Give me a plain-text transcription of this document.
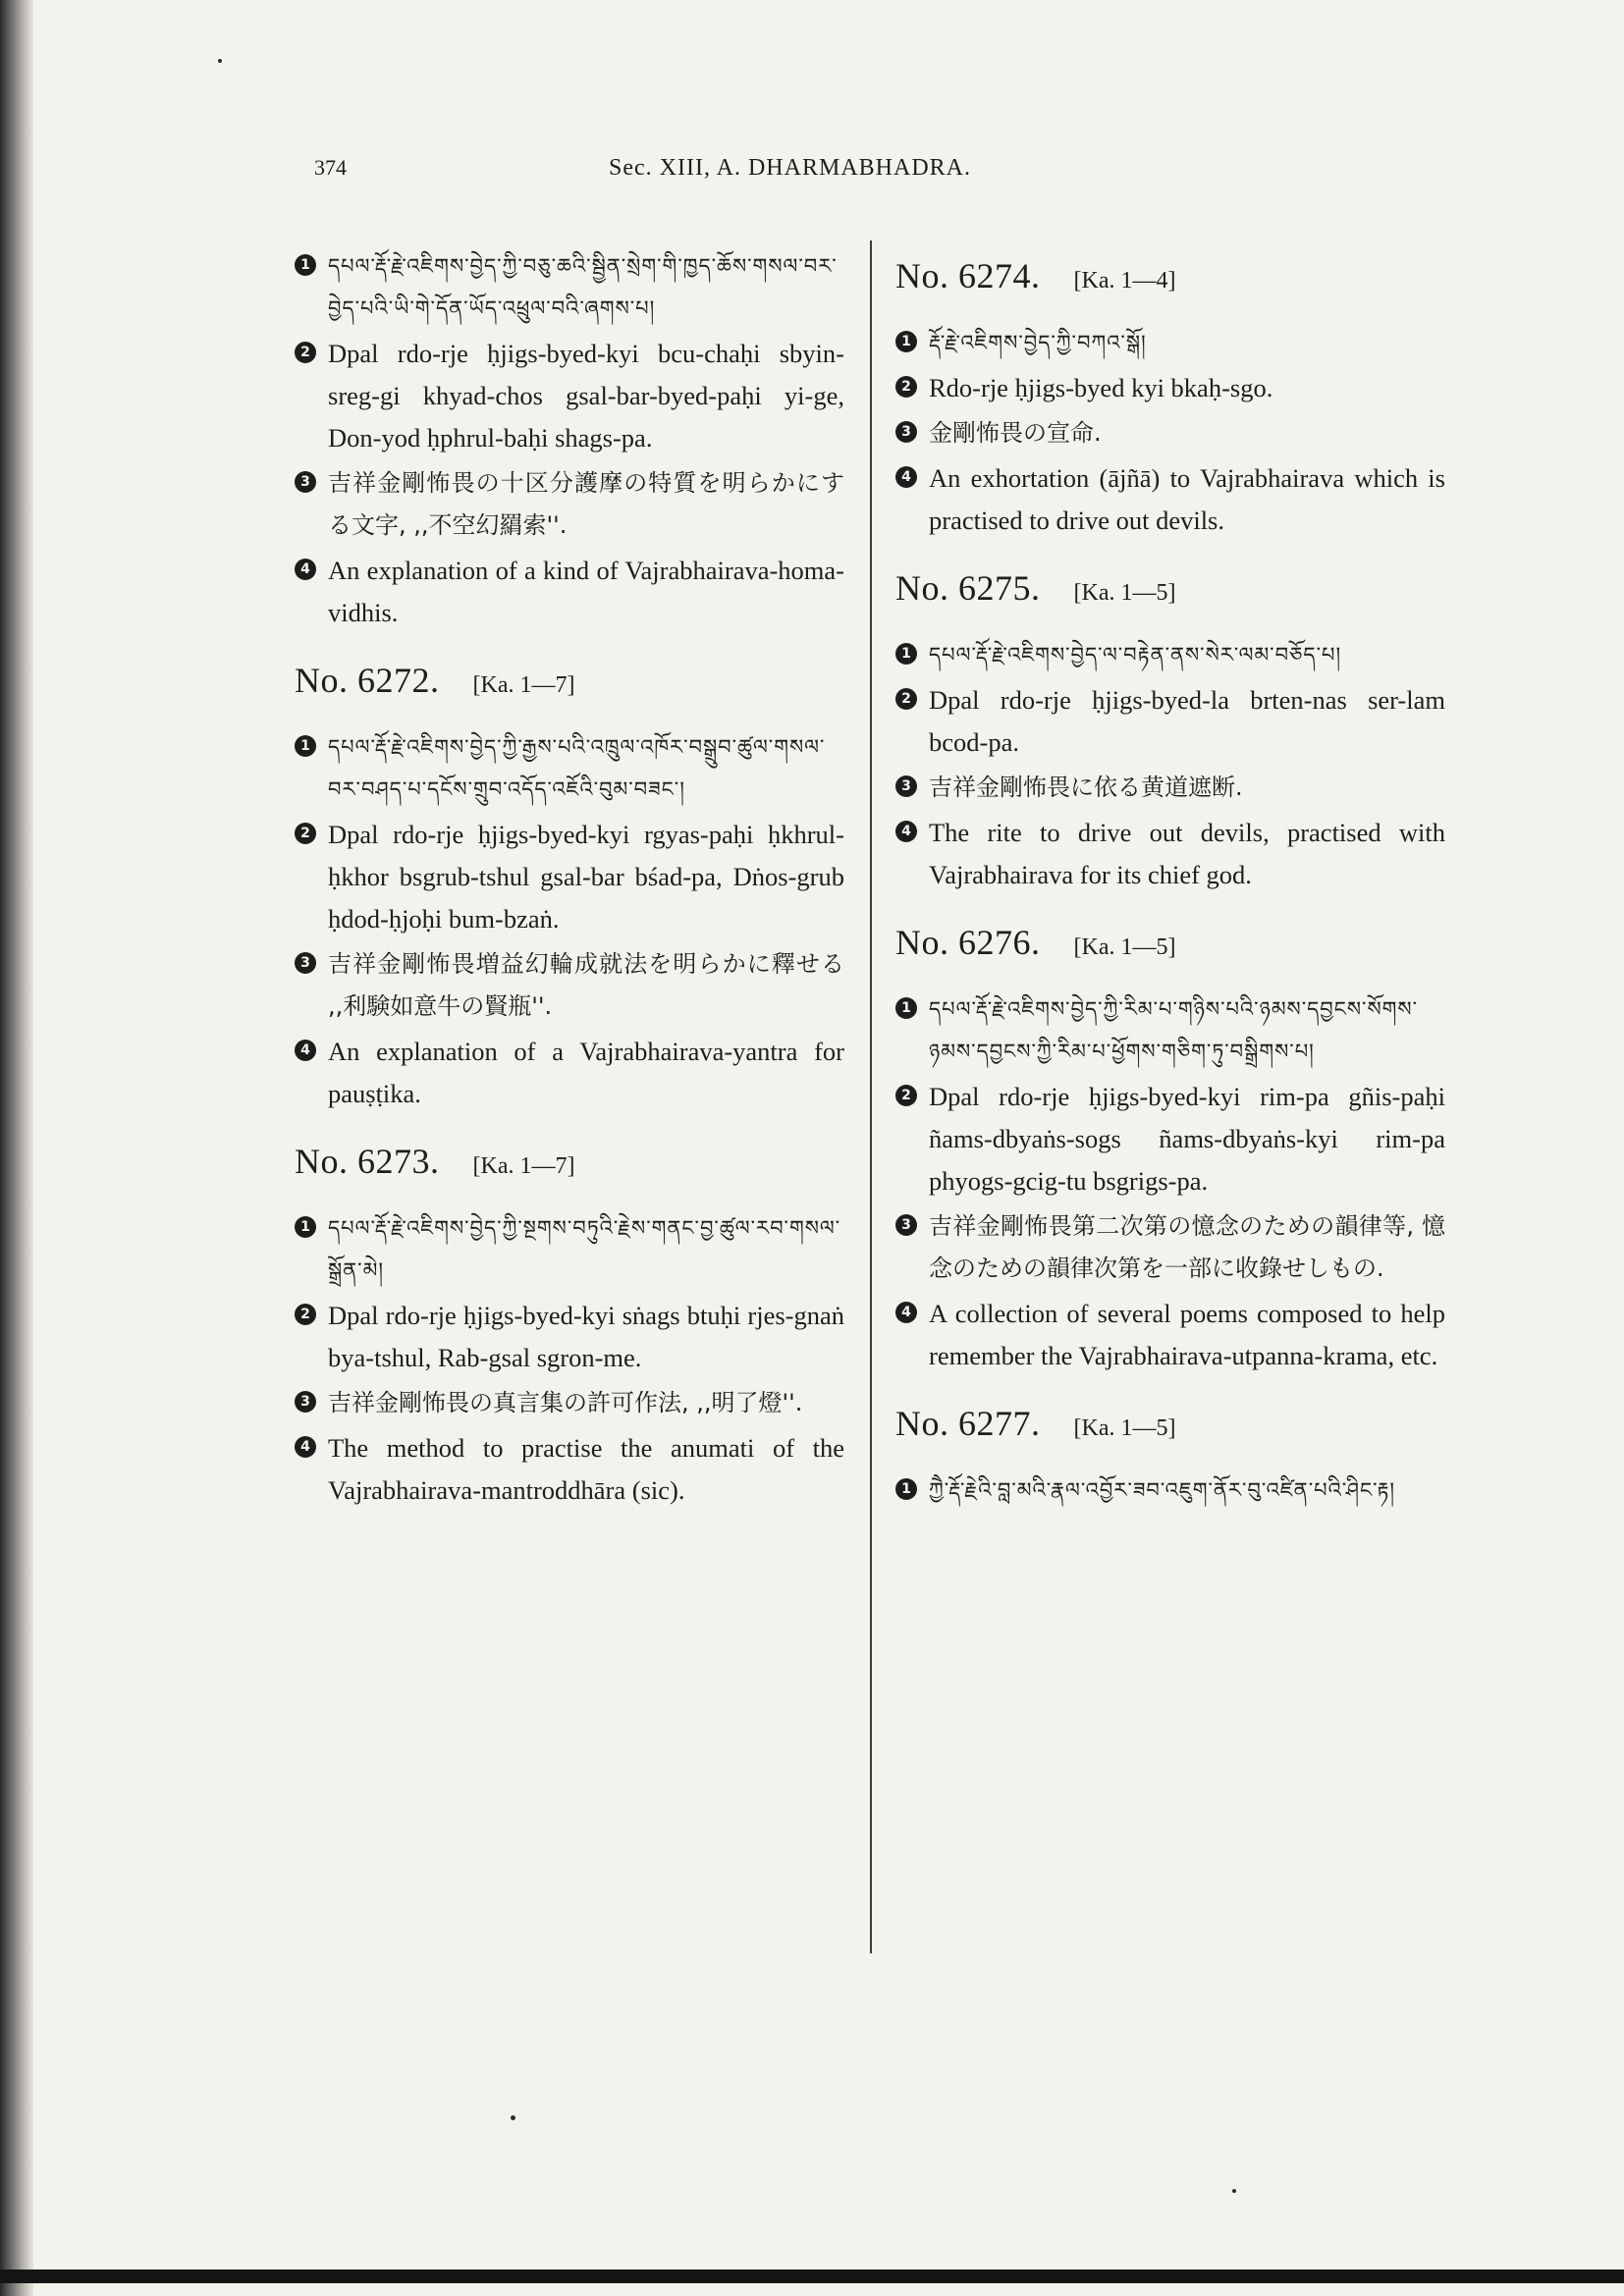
374	Sec. XIII, A. DHARMABHADRA.
1 དཔལ་རྡོ་རྗེ་འཇིགས་བྱེད་ཀྱི་བཅུ་ཆའི་སྦྱིན་སྲེག་གི་ཁྱད་ཆོས་གསལ་བར་བྱེད་པའི་ཡི་གེ་དོན་ཡོད་འཕྲུལ་བའི་ཞགས་པ།
2 Dpal rdo-rje ḥjigs-byed-kyi bcu-chaḥi sbyin-sreg-gi khyad-chos gsal-bar-byed-paḥi yi-ge, Don-yod ḥphrul-baḥi shags-pa.
3 吉祥金剛怖畏の十区分護摩の特質を明らかにする文字, ,,不空幻羂索''.
4 An explanation of a kind of Vajrabhairava-homa-vidhis.
No. 6272. [Ka. 1—7]
1 དཔལ་རྡོ་རྗེ་འཇིགས་བྱེད་ཀྱི་རྒྱས་པའི་འཁྲུལ་འཁོར་བསྒྲུབ་ཚུལ་གསལ་བར་བཤད་པ་དངོས་གྲུབ་འདོད་འཇོའི་བུམ་བཟང་།
2 Dpal rdo-rje ḥjigs-byed-kyi rgyas-paḥi ḥkhrul-ḥkhor bsgrub-tshul gsal-bar bśad-pa, Dṅos-grub ḥdod-ḥjoḥi bum-bzaṅ.
3 吉祥金剛怖畏増益幻輪成就法を明らかに釋せる ,,利験如意牛の賢瓶''.
4 An explanation of a Vajrabhairava-yantra for pauṣṭika.
No. 6273. [Ka. 1—7]
1 དཔལ་རྡོ་རྗེ་འཇིགས་བྱེད་ཀྱི་སྔགས་བཏུའི་རྗེས་གནང་བྱ་ཚུལ་རབ་གསལ་སྒྲོན་མེ།
2 Dpal rdo-rje ḥjigs-byed-kyi sṅags btuḥi rjes-gnaṅ bya-tshul, Rab-gsal sgron-me.
3 吉祥金剛怖畏の真言集の許可作法, ,,明了燈''.
4 The method to practise the anumati of the Vajrabhairava-mantroddhāra (sic).
No. 6274. [Ka. 1—4]
1 རྡོ་རྗེ་འཇིགས་བྱེད་ཀྱི་བཀའ་སྒོ།
2 Rdo-rje ḥjigs-byed kyi bkaḥ-sgo.
3 金剛怖畏の宣命.
4 An exhortation (ājñā) to Vajrabhairava which is practised to drive out devils.
No. 6275. [Ka. 1—5]
1 དཔལ་རྡོ་རྗེ་འཇིགས་བྱེད་ལ་བརྟེན་ནས་སེར་ལམ་བཅོད་པ།
2 Dpal rdo-rje ḥjigs-byed-la brten-nas ser-lam bcod-pa.
3 吉祥金剛怖畏に依る黄道遮断.
4 The rite to drive out devils, practised with Vajrabhairava for its chief god.
No. 6276. [Ka. 1—5]
1 དཔལ་རྡོ་རྗེ་འཇིགས་བྱེད་ཀྱི་རིམ་པ་གཉིས་པའི་ཉམས་དབྱངས་སོགས་ཉམས་དབྱངས་ཀྱི་རིམ་པ་ཕྱོགས་གཅིག་ཏུ་བསྒྲིགས་པ།
2 Dpal rdo-rje ḥjigs-byed-kyi rim-pa gñis-paḥi ñams-dbyaṅs-sogs ñams-dbyaṅs-kyi rim-pa phyogs-gcig-tu bsgrigs-pa.
3 吉祥金剛怖畏第二次第の憶念のための韻律等, 憶念のための韻律次第を一部に收錄せしもの.
4 A collection of several poems composed to help remember the Vajrabhairava-utpanna-krama, etc.
No. 6277. [Ka. 1—5]
1 ཀྱཻ་རྡོ་རྗེའི་བླ་མའི་རྣལ་འབྱོར་ཟབ་འཇུག་ནོར་བུ་འཛིན་པའི་ཤིང་རྟ།
